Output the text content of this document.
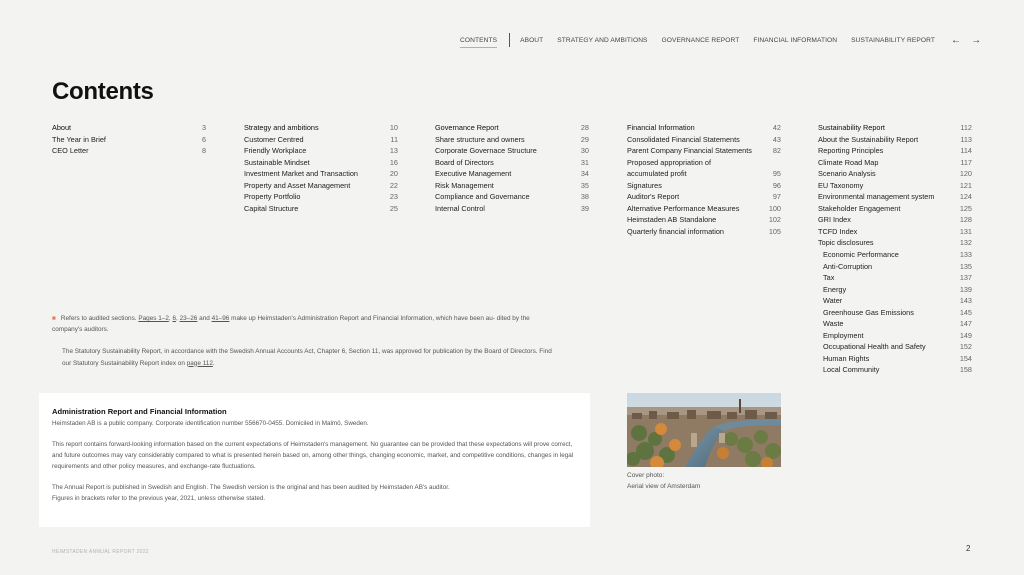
CONTENTS	ABOUT STRATEGY AND AMBITIONS GOVERNANCE REPORT FINANCIAL INFORMATION SUSTAINABILITY REPORT ← →
Contents
About	3
The Year in Brief	6
CEO Letter	8
Strategy and ambitions	10
Customer Centred	11
Friendly Workplace	13
Sustainable Mindset	16
Investment Market and Transaction	20
Property and Asset Management	22
Property Portfolio	23
Capital Structure	25
Governance Report	28
Share structure and owners	29
Corporate Governace Structure	30
Board of Directors	31
Executive Management	34
Risk Management	35
Compliance and Governance	38
Internal Control	39
Financial Information	42
Consolidated Financial Statements	43
Parent Company Financial Statements	82
Proposed appropriation of
accumulated profit	95
Signatures	96
Auditor's Report	97
Alternative Performance Measures	100
Heimstaden AB Standalone	102
Quarterly financial information	105
Sustainability Report	112
About the Sustainability Report	113
Reporting Principles	114
Climate Road Map	117
Scenario Analysis	120
EU Taxonomy	121
Environmental management system	124
Stakeholder Engagement	125
GRI Index	128
TCFD Index	131
Topic disclosures	132
Economic Performance	133
Anti-Corruption	135
Tax	137
Energy	139
Water	143
Greenhouse Gas Emissions	145
Waste	147
Employment	149
Occupational Health and Safety	152
Human Rights	154
Local Community	158
■ Refers to audited sections. Pages 1–2, 6, 23–26 and 41–96 make up Heimstaden's Administration Report and Financial Information, which have been au- dited by the company's auditors.
The Statutory Sustainability Report, in accordance with the Swedish Annual Accounts Act, Chapter 6, Section 11, was approved for publication by the Board of Directors. Find our Statutory Sustainability Report index on page 112.
Administration Report and Financial Information

Heimstaden AB is a public company. Corporate identification number 556670-0455. Domiciled in Malmö, Sweden.

This report contains forward-looking information based on the current expectations of Heimstaden's management. No guarantee can be provided that these expectations will prove correct, and future outcomes may vary considerably compared to what is presented herein based on, among other things, changing economic, market, and competitive conditions, changes in legal requirements and other policy measures, and exchange-rate fluctuations.

The Annual Report is published in Swedish and English. The Swedish version is the original and has been audited by Heimstaden AB's auditor.

Figures in brackets refer to the previous year, 2021, unless otherwise stated.

Cover photo:
Aerial view of Amsterdam
HEIMSTADEN ANNUAL REPORT 2022	2
